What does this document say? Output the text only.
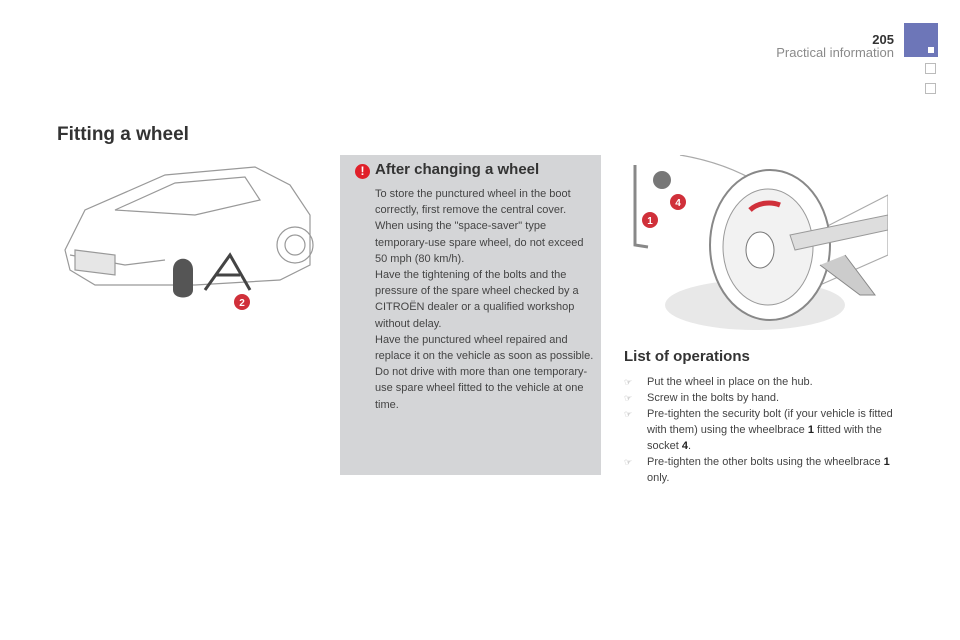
205
Practical information
Fitting a wheel
2
! After changing a wheel

To store the punctured wheel in the boot correctly, first remove the central cover.

When using the "space-saver" type temporary-use spare wheel, do not exceed 50 mph (80 km/h).

Have the tightening of the bolts and the pressure of the spare wheel checked by a CITROËN dealer or a qualified workshop without delay.

Have the punctured wheel repaired and replace it on the vehicle as soon as possible.

Do not drive with more than one temporary-use spare wheel fitted to the vehicle at one time.

1
4
List of operations
☞ Put the wheel in place on the hub.
☞ Screw in the bolts by hand.
☞ Pre-tighten the security bolt (if your vehicle is fitted with them) using the wheelbrace 1 fitted with the socket 4.
☞ Pre-tighten the other bolts using the wheelbrace 1 only.
